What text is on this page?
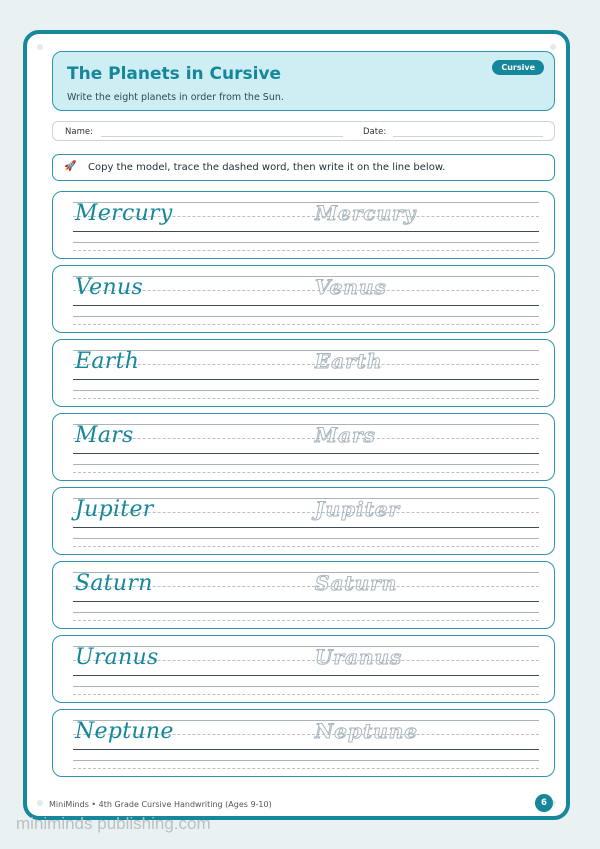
The Planets in Cursive
Write the eight planets in order from the Sun.
Cursive
Name:	Date:
🚀 Copy the model, trace the dashed word, then write it on the line below.
Mercury	Mercury
Venus	Venus
Earth	Earth
Mars	Mars
Jupiter	Jupiter
Saturn	Saturn
Uranus	Uranus
Neptune	Neptune
MiniMinds • 4th Grade Cursive Handwriting (Ages 9-10)	6
miniminds publishing.com
